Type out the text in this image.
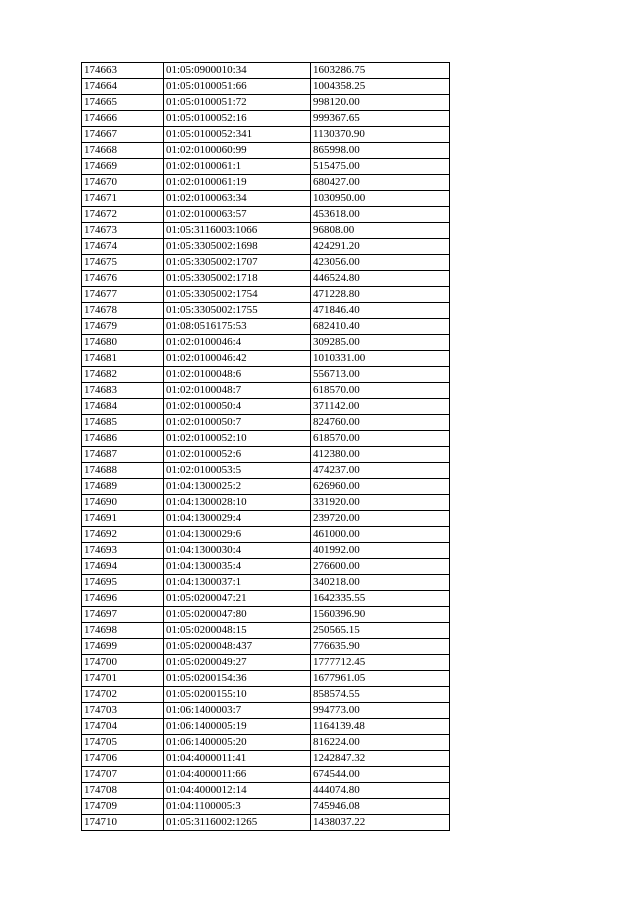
174663	01:05:0900010:34	1603286.75
174664	01:05:0100051:66	1004358.25
174665	01:05:0100051:72	998120.00
174666	01:05:0100052:16	999367.65
174667	01:05:0100052:341	1130370.90
174668	01:02:0100060:99	865998.00
174669	01:02:0100061:1	515475.00
174670	01:02:0100061:19	680427.00
174671	01:02:0100063:34	1030950.00
174672	01:02:0100063:57	453618.00
174673	01:05:3116003:1066	96808.00
174674	01:05:3305002:1698	424291.20
174675	01:05:3305002:1707	423056.00
174676	01:05:3305002:1718	446524.80
174677	01:05:3305002:1754	471228.80
174678	01:05:3305002:1755	471846.40
174679	01:08:0516175:53	682410.40
174680	01:02:0100046:4	309285.00
174681	01:02:0100046:42	1010331.00
174682	01:02:0100048:6	556713.00
174683	01:02:0100048:7	618570.00
174684	01:02:0100050:4	371142.00
174685	01:02:0100050:7	824760.00
174686	01:02:0100052:10	618570.00
174687	01:02:0100052:6	412380.00
174688	01:02:0100053:5	474237.00
174689	01:04:1300025:2	626960.00
174690	01:04:1300028:10	331920.00
174691	01:04:1300029:4	239720.00
174692	01:04:1300029:6	461000.00
174693	01:04:1300030:4	401992.00
174694	01:04:1300035:4	276600.00
174695	01:04:1300037:1	340218.00
174696	01:05:0200047:21	1642335.55
174697	01:05:0200047:80	1560396.90
174698	01:05:0200048:15	250565.15
174699	01:05:0200048:437	776635.90
174700	01:05:0200049:27	1777712.45
174701	01:05:0200154:36	1677961.05
174702	01:05:0200155:10	858574.55
174703	01:06:1400003:7	994773.00
174704	01:06:1400005:19	1164139.48
174705	01:06:1400005:20	816224.00
174706	01:04:4000011:41	1242847.32
174707	01:04:4000011:66	674544.00
174708	01:04:4000012:14	444074.80
174709	01:04:1100005:3	745946.08
174710	01:05:3116002:1265	1438037.22
